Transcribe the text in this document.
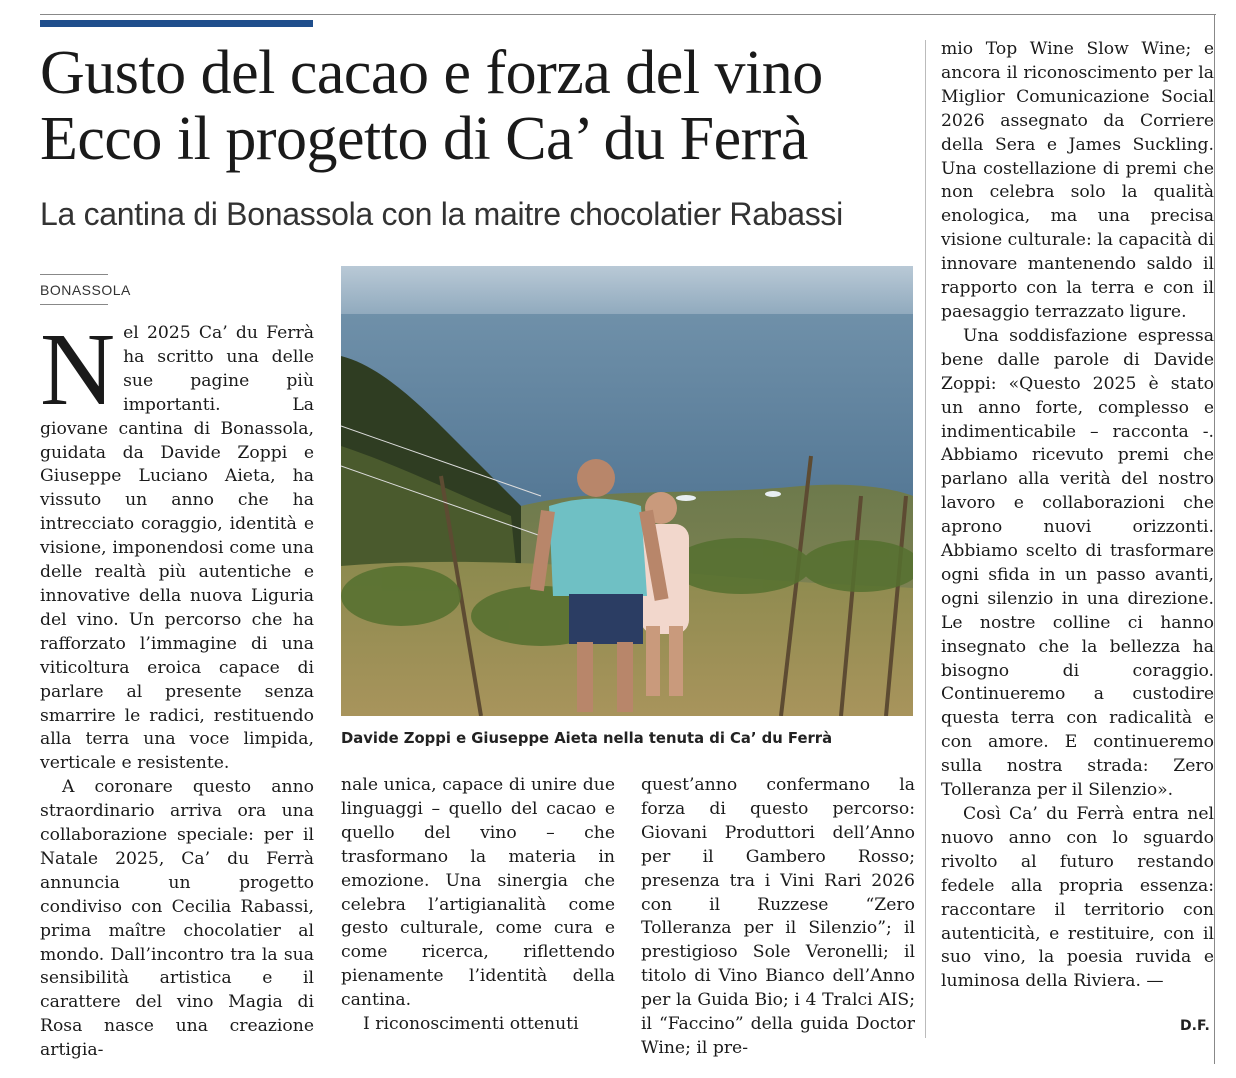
Gusto del cacao e forza del vino
Ecco il progetto di Ca’ du Ferrà
La cantina di Bonassola con la maitre chocolatier Rabassi
BONASSOLA

Nel 2025 Ca’ du Ferrà ha scritto una delle sue pagine più importanti. La giovane cantina di Bonassola, guidata da Davide Zoppi e Giuseppe Luciano Aieta, ha vissuto un anno che ha intrecciato coraggio, identità e visione, imponendosi come una delle realtà più autentiche e innovative della nuova Liguria del vino. Un percorso che ha rafforzato l’immagine di una viticoltura eroica capace di parlare al presente senza smarrire le radici, restituendo alla terra una voce limpida, verticale e resistente.

A coronare questo anno straordinario arriva ora una collaborazione speciale: per il Natale 2025, Ca’ du Ferrà annuncia un progetto condiviso con Cecilia Rabassi, prima maître chocolatier al mondo. Dall’incontro tra la sua sensibilità artistica e il carattere del vino Magia di Rosa nasce una creazione artigia-

Davide Zoppi e Giuseppe Aieta nella tenuta di Ca’ du Ferrà

nale unica, capace di unire due linguaggi – quello del cacao e quello del vino – che trasformano la materia in emozione. Una sinergia che celebra l’artigianalità come gesto culturale, come cura e come ricerca, riflettendo pienamente l’identità della cantina.

I riconoscimenti ottenuti

quest’anno confermano la forza di questo percorso: Giovani Produttori dell’Anno per il Gambero Rosso; presenza tra i Vini Rari 2026 con il Ruzzese “Zero Tolleranza per il Silenzio”; il prestigioso Sole Veronelli; il titolo di Vino Bianco dell’Anno per la Guida Bio; i 4 Tralci AIS; il “Faccino” della guida Doctor Wine; il pre-

mio Top Wine Slow Wine; e ancora il riconoscimento per la Miglior Comunicazione Social 2026 assegnato da Corriere della Sera e James Suckling. Una costellazione di premi che non celebra solo la qualità enologica, ma una precisa visione culturale: la capacità di innovare mantenendo saldo il rapporto con la terra e con il paesaggio terrazzato ligure.

Una soddisfazione espressa bene dalle parole di Davide Zoppi: «Questo 2025 è stato un anno forte, complesso e indimenticabile – racconta -. Abbiamo ricevuto premi che parlano alla verità del nostro lavoro e collaborazioni che aprono nuovi orizzonti. Abbiamo scelto di trasformare ogni sfida in un passo avanti, ogni silenzio in una direzione. Le nostre colline ci hanno insegnato che la bellezza ha bisogno di coraggio. Continueremo a custodire questa terra con radicalità e con amore. E continueremo sulla nostra strada: Zero Tolleranza per il Silenzio».

Così Ca’ du Ferrà entra nel nuovo anno con lo sguardo rivolto al futuro restando fedele alla propria essenza: raccontare il territorio con autenticità, e restituire, con il suo vino, la poesia ruvida e luminosa della Riviera. —

D.F.
